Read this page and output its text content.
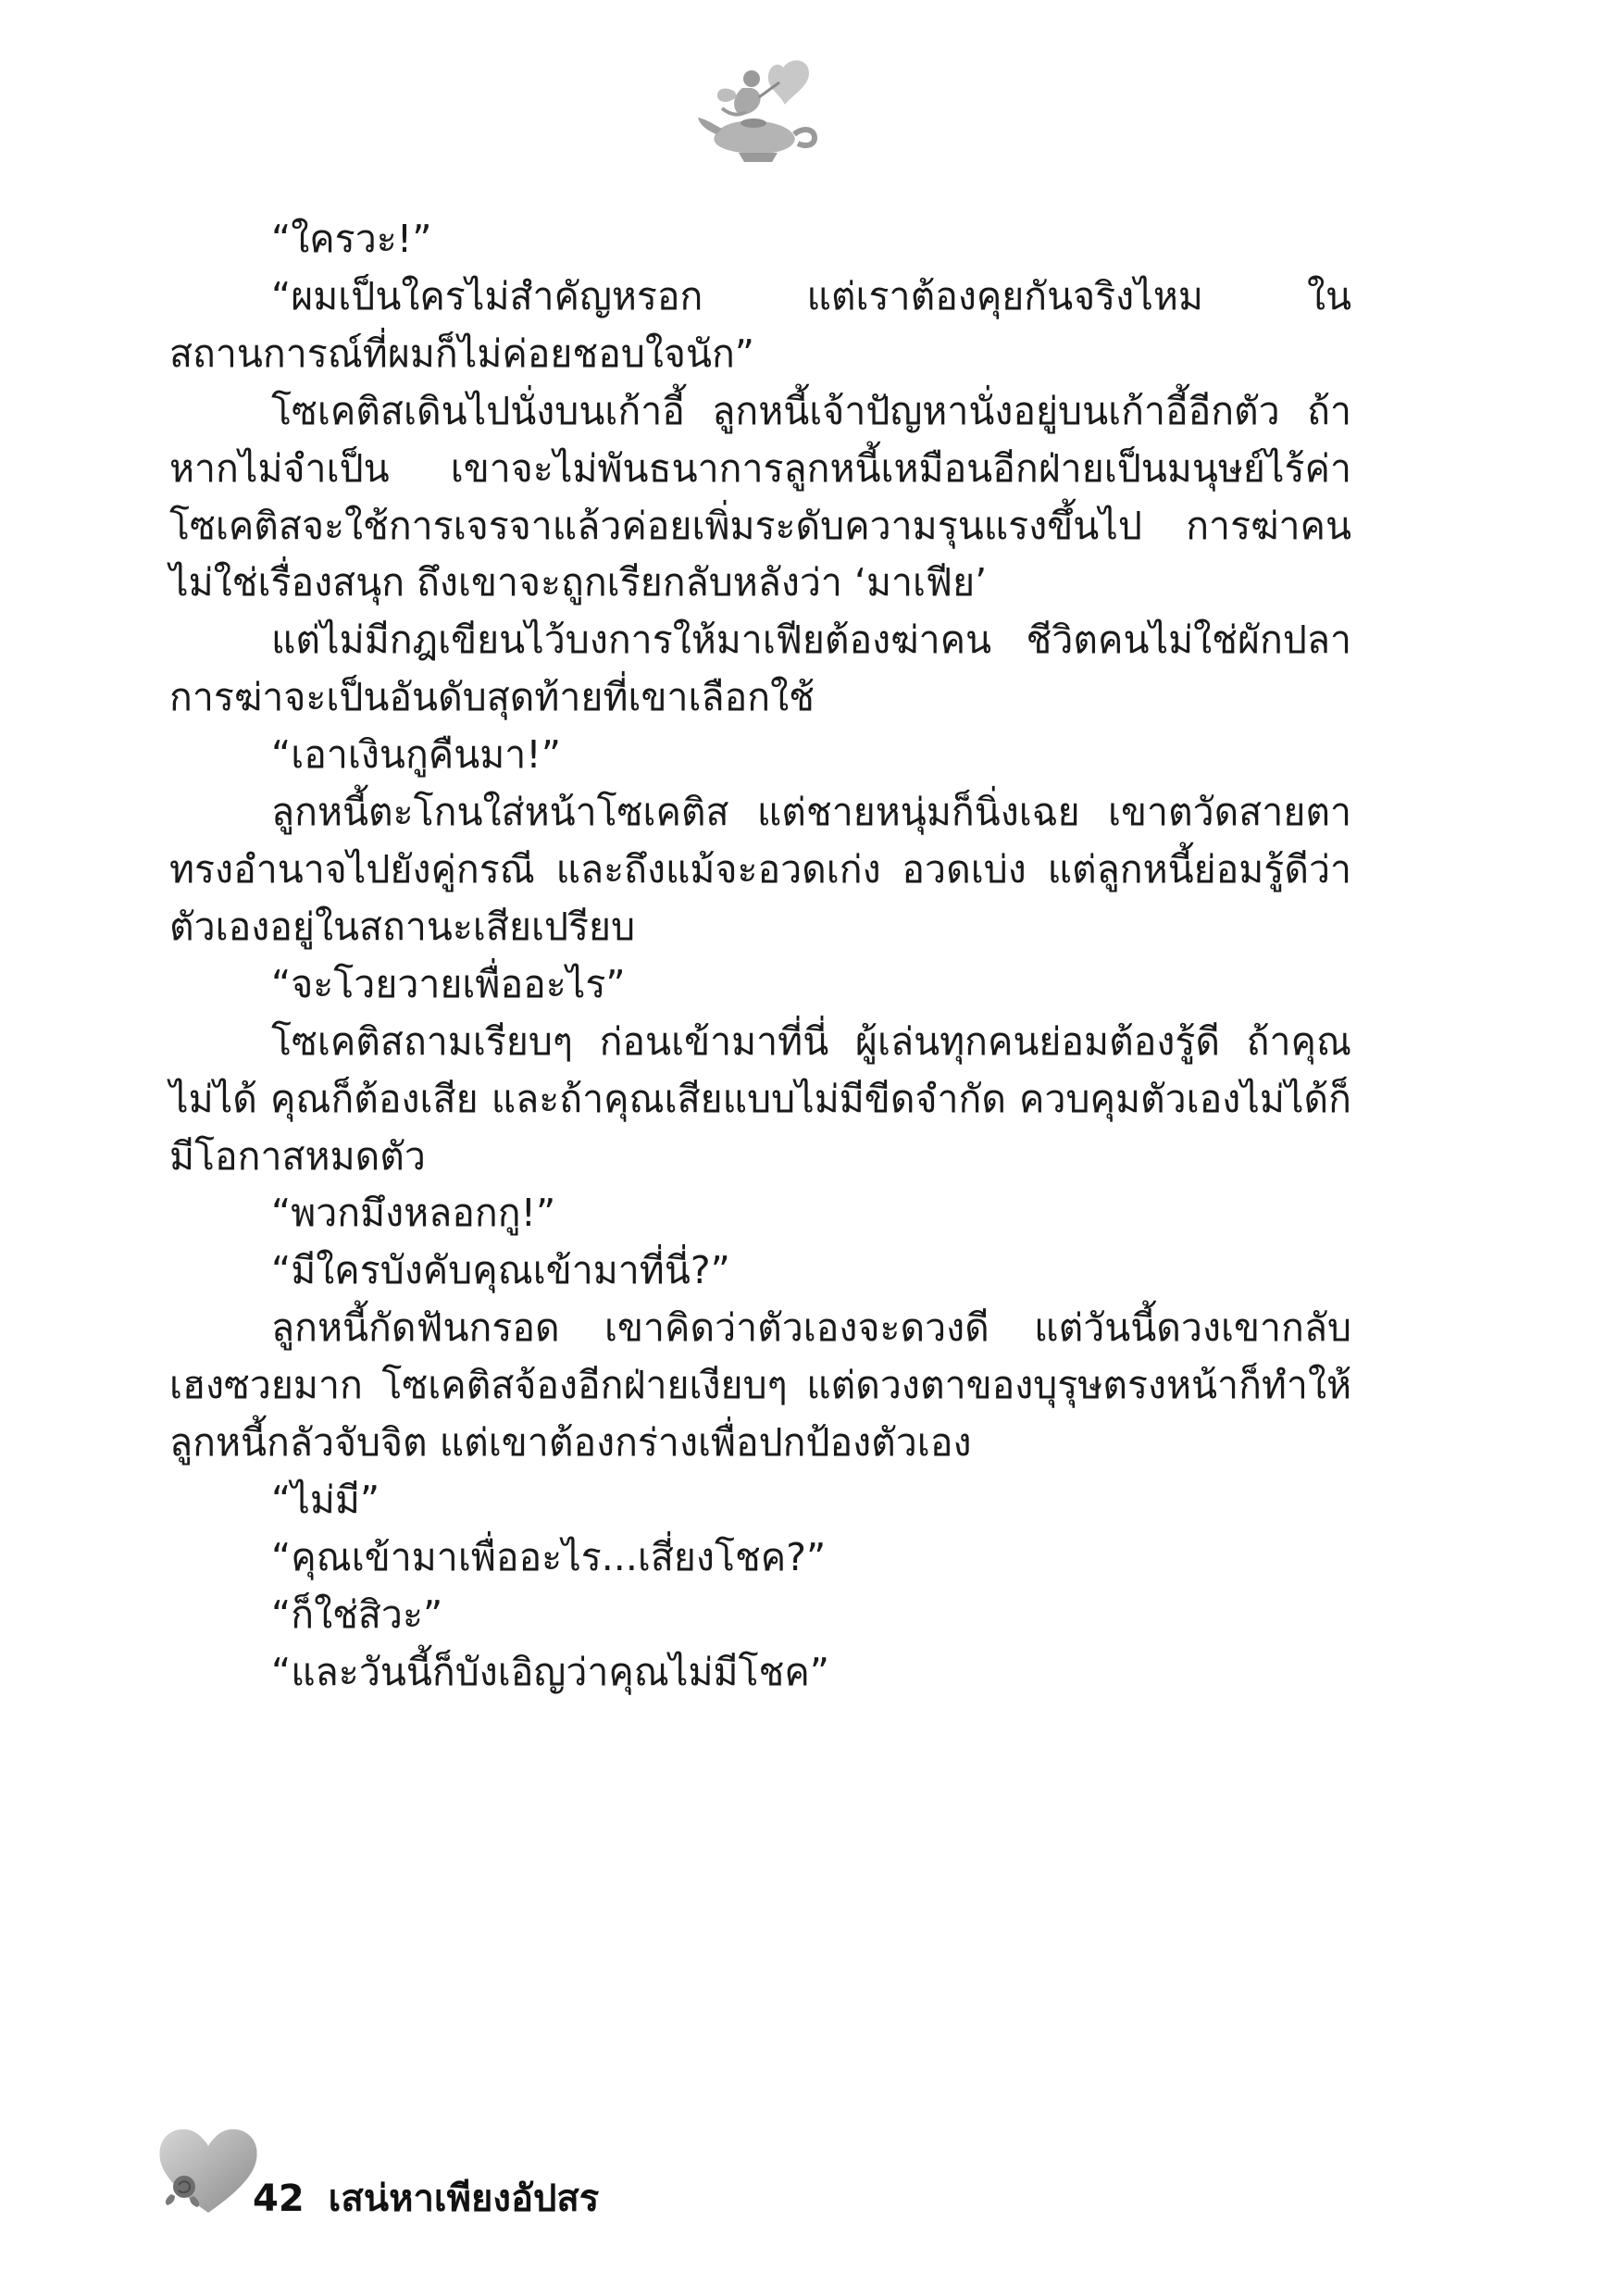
“ใครวะ!”

“ผมเป็นใครไม่สำคัญหรอก แต่เราต้องคุยกันจริงไหม ในสถานการณ์ที่ผมก็ไม่ค่อยชอบใจนัก”

โซเคติสเดินไปนั่งบนเก้าอี้ ลูกหนี้เจ้าปัญหานั่งอยู่บนเก้าอี้อีกตัว ถ้าหากไม่จำเป็น เขาจะไม่พันธนาการลูกหนี้เหมือนอีกฝ่ายเป็นมนุษย์ไร้ค่า โซเคติสจะใช้การเจรจาแล้วค่อยเพิ่มระดับความรุนแรงขึ้นไป การฆ่าคนไม่ใช่เรื่องสนุก ถึงเขาจะถูกเรียกลับหลังว่า ‘มาเฟีย’

แต่ไม่มีกฎเขียนไว้บงการให้มาเฟียต้องฆ่าคน ชีวิตคนไม่ใช่ผักปลา การฆ่าจะเป็นอันดับสุดท้ายที่เขาเลือกใช้

“เอาเงินกูคืนมา!”

ลูกหนี้ตะโกนใส่หน้าโซเคติส แต่ชายหนุ่มก็นิ่งเฉย เขาตวัดสายตาทรงอำนาจไปยังคู่กรณี และถึงแม้จะอวดเก่ง อวดเบ่ง แต่ลูกหนี้ย่อมรู้ดีว่าตัวเองอยู่ในสถานะเสียเปรียบ

“จะโวยวายเพื่ออะไร”

โซเคติสถามเรียบๆ ก่อนเข้ามาที่นี่ ผู้เล่นทุกคนย่อมต้องรู้ดี ถ้าคุณไม่ได้ คุณก็ต้องเสีย และถ้าคุณเสียแบบไม่มีขีดจำกัด ควบคุมตัวเองไม่ได้ก็มีโอกาสหมดตัว

“พวกมึงหลอกกู!”

“มีใครบังคับคุณเข้ามาที่นี่?”

ลูกหนี้กัดฟันกรอด เขาคิดว่าตัวเองจะดวงดี แต่วันนี้ดวงเขากลับเฮงซวยมาก โซเคติสจ้องอีกฝ่ายเงียบๆ แต่ดวงตาของบุรุษตรงหน้าก็ทำให้ลูกหนี้กลัวจับจิต แต่เขาต้องกร่างเพื่อปกป้องตัวเอง

“ไม่มี”

“คุณเข้ามาเพื่ออะไร...เสี่ยงโชค?”

“ก็ใช่สิวะ”

“และวันนี้ก็บังเอิญว่าคุณไม่มีโชค”

42 เสน่หาเพียงอัปสร
